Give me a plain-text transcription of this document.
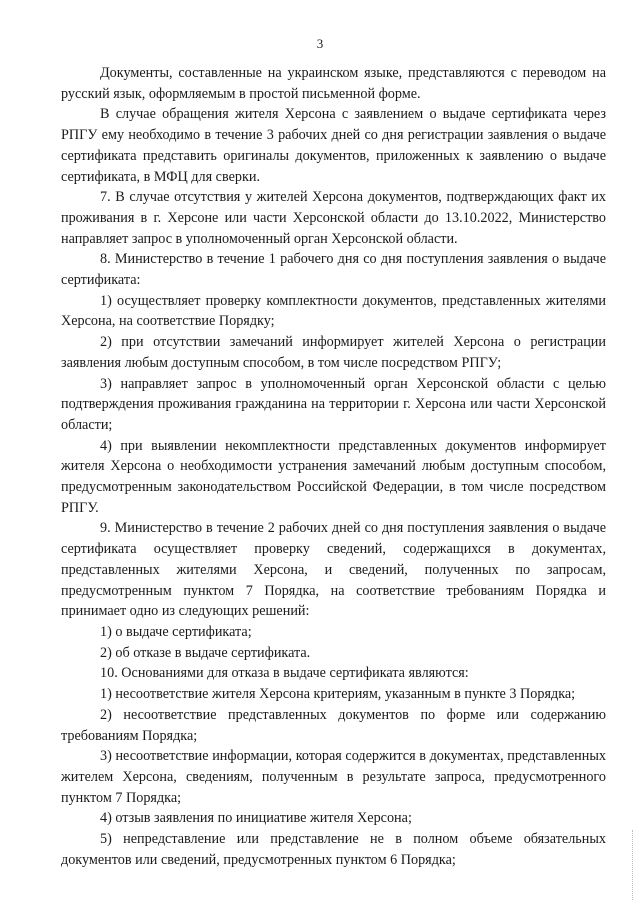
3

Документы, составленные на украинском языке, представляются с переводом на русский язык, оформляемым в простой письменной форме.

В случае обращения жителя Херсона с заявлением о выдаче сертификата через РПГУ ему необходимо в течение 3 рабочих дней со дня регистрации заявления о выдаче сертификата представить оригиналы документов, приложенных к заявлению о выдаче сертификата, в МФЦ для сверки.

7. В случае отсутствия у жителей Херсона документов, подтверждающих факт их проживания в г. Херсоне или части Херсонской области до 13.10.2022, Министерство направляет запрос в уполномоченный орган Херсонской области.

8. Министерство в течение 1 рабочего дня со дня поступления заявления о выдаче сертификата:

1) осуществляет проверку комплектности документов, представленных жителями Херсона, на соответствие Порядку;

2) при отсутствии замечаний информирует жителей Херсона о регистрации заявления любым доступным способом, в том числе посредством РПГУ;

3) направляет запрос в уполномоченный орган Херсонской области с целью подтверждения проживания гражданина на территории г. Херсона или части Херсонской области;

4) при выявлении некомплектности представленных документов информирует жителя Херсона о необходимости устранения замечаний любым доступным способом, предусмотренным законодательством Российской Федерации, в том числе посредством РПГУ.

9. Министерство в течение 2 рабочих дней со дня поступления заявления о выдаче сертификата осуществляет проверку сведений, содержащихся в документах, представленных жителями Херсона, и сведений, полученных по запросам, предусмотренным пунктом 7 Порядка, на соответствие требованиям Порядка и принимает одно из следующих решений:

1) о выдаче сертификата;

2) об отказе в выдаче сертификата.

10. Основаниями для отказа в выдаче сертификата являются:

1) несоответствие жителя Херсона критериям, указанным в пункте 3 Порядка;

2) несоответствие представленных документов по форме или содержанию требованиям Порядка;

3) несоответствие информации, которая содержится в документах, представленных жителем Херсона, сведениям, полученным в результате запроса, предусмотренного пунктом 7 Порядка;

4) отзыв заявления по инициативе жителя Херсона;

5) непредставление или представление не в полном объеме обязательных документов или сведений, предусмотренных пунктом 6 Порядка;
